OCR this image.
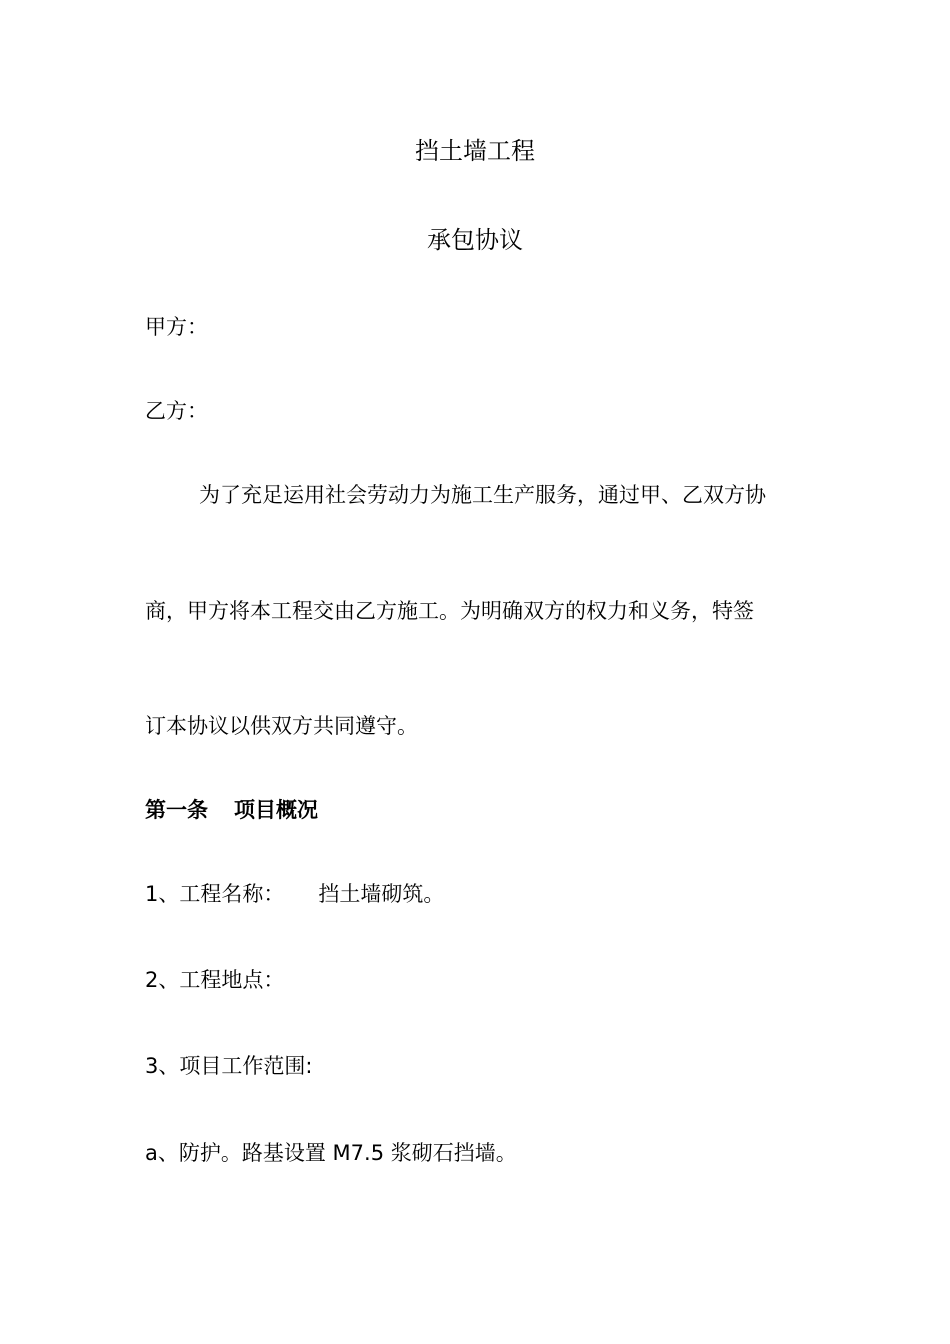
挡土墙工程
承包协议
甲方：
乙方：
为了充足运用社会劳动力为施工生产服务，通过甲、乙双方协
商，甲方将本工程交由乙方施工。为明确双方的权力和义务，特签
订本协议以供双方共同遵守。
第一条 项目概况
1、工程名称： 挡土墙砌筑。
2、工程地点：
3、项目工作范围:
a、防护。路基设置 M7.5 浆砌石挡墙。
